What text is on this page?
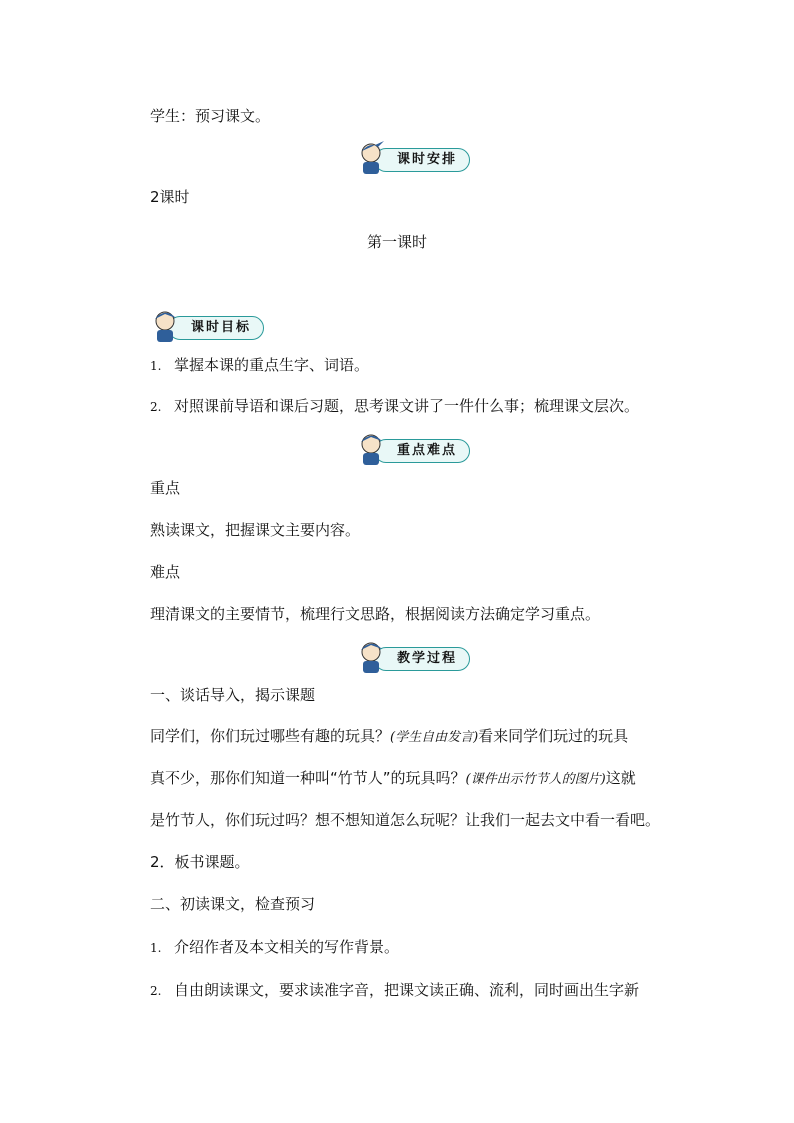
学生：预习课文。
课时安排
2课时
第一课时
课时目标
1. 掌握本课的重点生字、词语。
2. 对照课前导语和课后习题，思考课文讲了一件什么事；梳理课文层次。
重点难点
重点
熟读课文，把握课文主要内容。
难点
理清课文的主要情节，梳理行文思路，根据阅读方法确定学习重点。
教学过程
一、谈话导入，揭示课题
同学们，你们玩过哪些有趣的玩具？(学生自由发言)看来同学们玩过的玩具
真不少，那你们知道一种叫“竹节人”的玩具吗？(课件出示竹节人的图片)这就
是竹节人，你们玩过吗？想不想知道怎么玩呢？让我们一起去文中看一看吧。
2．板书课题。
二、初读课文，检查预习
1. 介绍作者及本文相关的写作背景。
2. 自由朗读课文，要求读准字音，把课文读正确、流利，同时画出生字新
